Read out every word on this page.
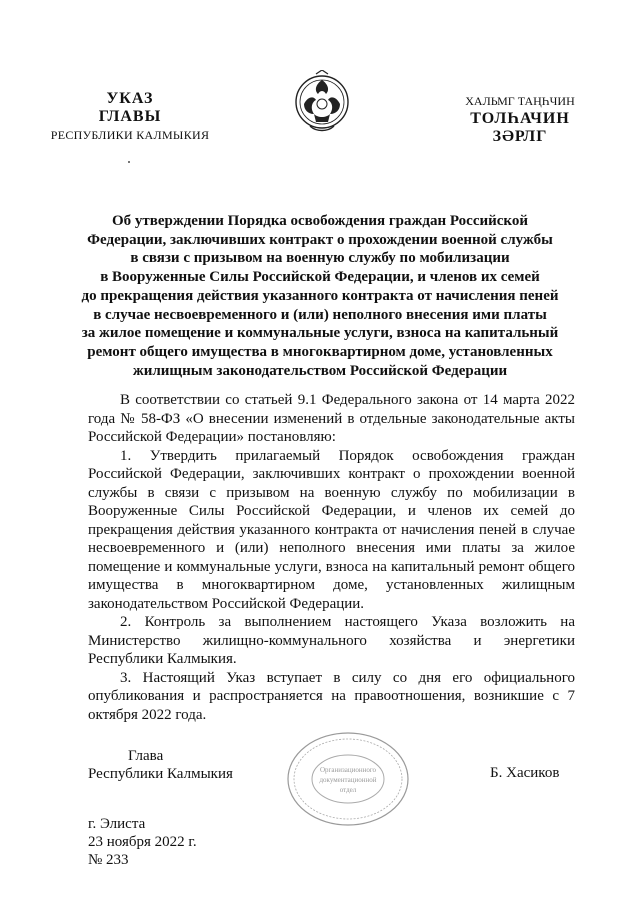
УКАЗ
ГЛАВЫ
РЕСПУБЛИКИ КАЛМЫКИЯ
ХАЛЬМГ ТАҢҺЧИН
ТОЛҺАЧИН
ЗӘРЛГ
Об утверждении Порядка освобождения граждан Российской
Федерации, заключивших контракт о прохождении военной службы
в связи с призывом на военную службу по мобилизации
в Вооруженные Силы Российской Федерации, и членов их семей
до прекращения действия указанного контракта от начисления пеней
в случае несвоевременного и (или) неполного внесения ими платы
за жилое помещение и коммунальные услуги, взноса на капитальный
ремонт общего имущества в многоквартирном доме, установленных
жилищным законодательством Российской Федерации

В соответствии со статьей 9.1 Федерального закона от 14 марта 2022 года № 58-ФЗ «О внесении изменений в отдельные законодательные акты Российской Федерации» постановляю:

1. Утвердить прилагаемый Порядок освобождения граждан Российской Федерации, заключивших контракт о прохождении военной службы в связи с призывом на военную службу по мобилизации в Вооруженные Силы Российской Федерации, и членов их семей до прекращения действия указанного контракта от начисления пеней в случае несвоевременного и (или) неполного внесения ими платы за жилое помещение и коммунальные услуги, взноса на капитальный ремонт общего имущества в многоквартирном доме, установленных жилищным законодательством Российской Федерации.

2. Контроль за выполнением настоящего Указа возложить на Министерство жилищно-коммунального хозяйства и энергетики Республики Калмыкия.

3. Настоящий Указ вступает в силу со дня его официального опубликования и распространяется на правоотношения, возникшие с 7 октября 2022 года.

Глава
Республики Калмыкия	Организационного
документационной
отдел
Б. Хасиков
г. Элиста
23 ноября 2022 г.
№ 233
